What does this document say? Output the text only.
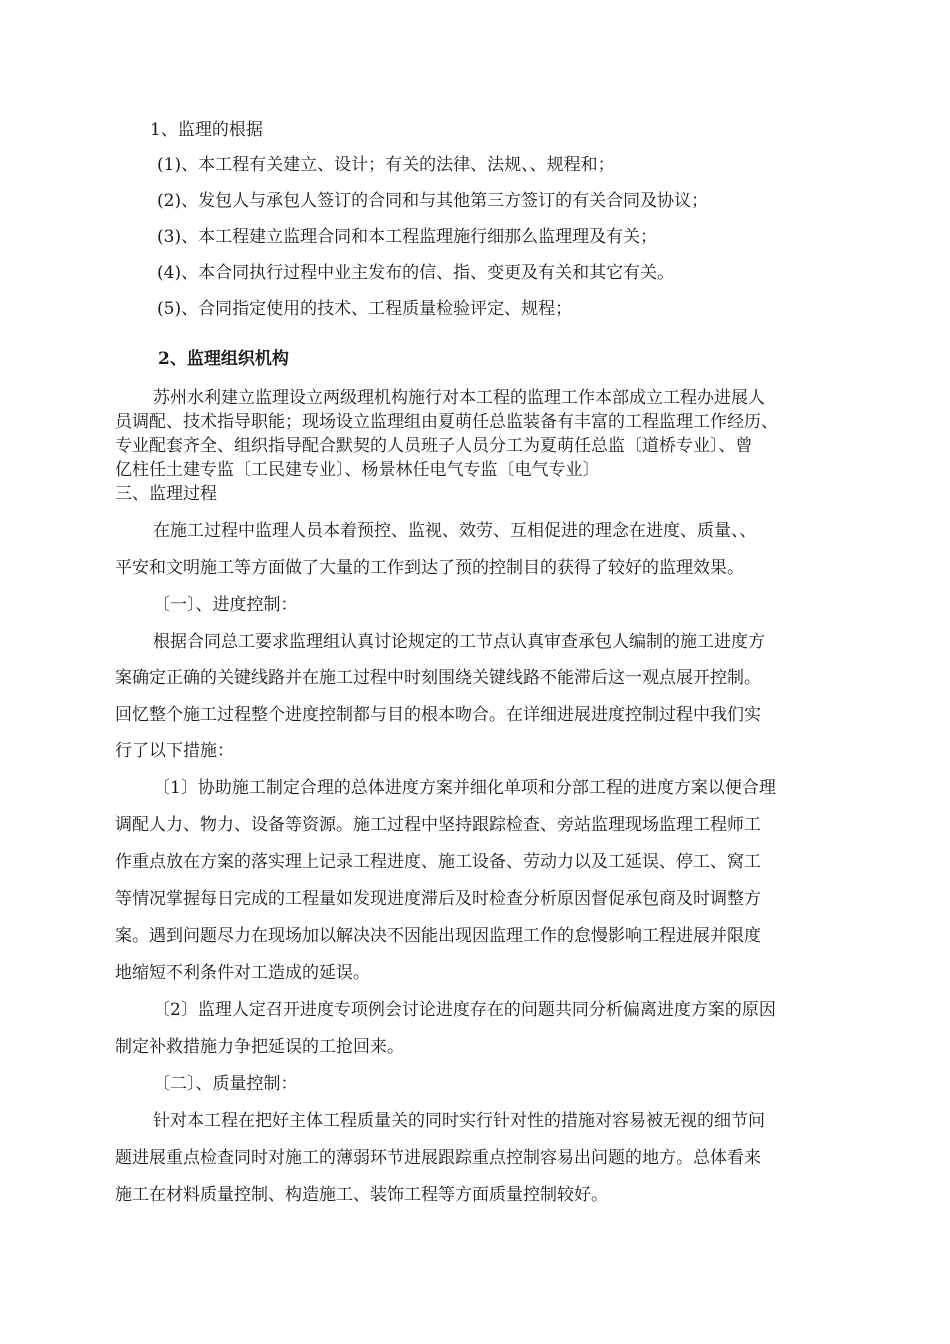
1、监理的根据
(1)、本工程有关建立、设计；有关的法律、法规、、规程和；
(2)、发包人与承包人签订的合同和与其他第三方签订的有关合同及协议；
(3)、本工程建立监理合同和本工程监理施行细那么监理理及有关；
(4)、本合同执行过程中业主发布的信、指、变更及有关和其它有关。
(5)、合同指定使用的技术、工程质量检验评定、规程；
2、监理组织机构
苏州水利建立监理设立两级理机构施行对本工程的监理工作本部成立工程办进展人
员调配、技术指导职能；现场设立监理组由夏萌任总监装备有丰富的工程监理工作经历、
专业配套齐全、组织指导配合默契的人员班子人员分工为夏萌任总监〔道桥专业〕、曾
亿柱任土建专监〔工民建专业〕、杨景林任电气专监〔电气专业〕
三、监理过程
在施工过程中监理人员本着预控、监视、效劳、互相促进的理念在进度、质量、、
平安和文明施工等方面做了大量的工作到达了预的控制目的获得了较好的监理效果。
〔一〕、进度控制：
根据合同总工要求监理组认真讨论规定的工节点认真审查承包人编制的施工进度方
案确定正确的关键线路并在施工过程中时刻围绕关键线路不能滞后这一观点展开控制。
回忆整个施工过程整个进度控制都与目的根本吻合。在详细进展进度控制过程中我们实
行了以下措施：
〔1〕协助施工制定合理的总体进度方案并细化单项和分部工程的进度方案以便合理
调配人力、物力、设备等资源。施工过程中坚持跟踪检查、旁站监理现场监理工程师工
作重点放在方案的落实理上记录工程进度、施工设备、劳动力以及工延误、停工、窝工
等情况掌握每日完成的工程量如发现进度滞后及时检查分析原因督促承包商及时调整方
案。遇到问题尽力在现场加以解决决不因能出现因监理工作的怠慢影响工程进展并限度
地缩短不利条件对工造成的延误。
〔2〕监理人定召开进度专项例会讨论进度存在的问题共同分析偏离进度方案的原因
制定补救措施力争把延误的工抢回来。
〔二〕、质量控制：
针对本工程在把好主体工程质量关的同时实行针对性的措施对容易被无视的细节问
题进展重点检查同时对施工的薄弱环节进展跟踪重点控制容易出问题的地方。总体看来
施工在材料质量控制、构造施工、装饰工程等方面质量控制较好。
